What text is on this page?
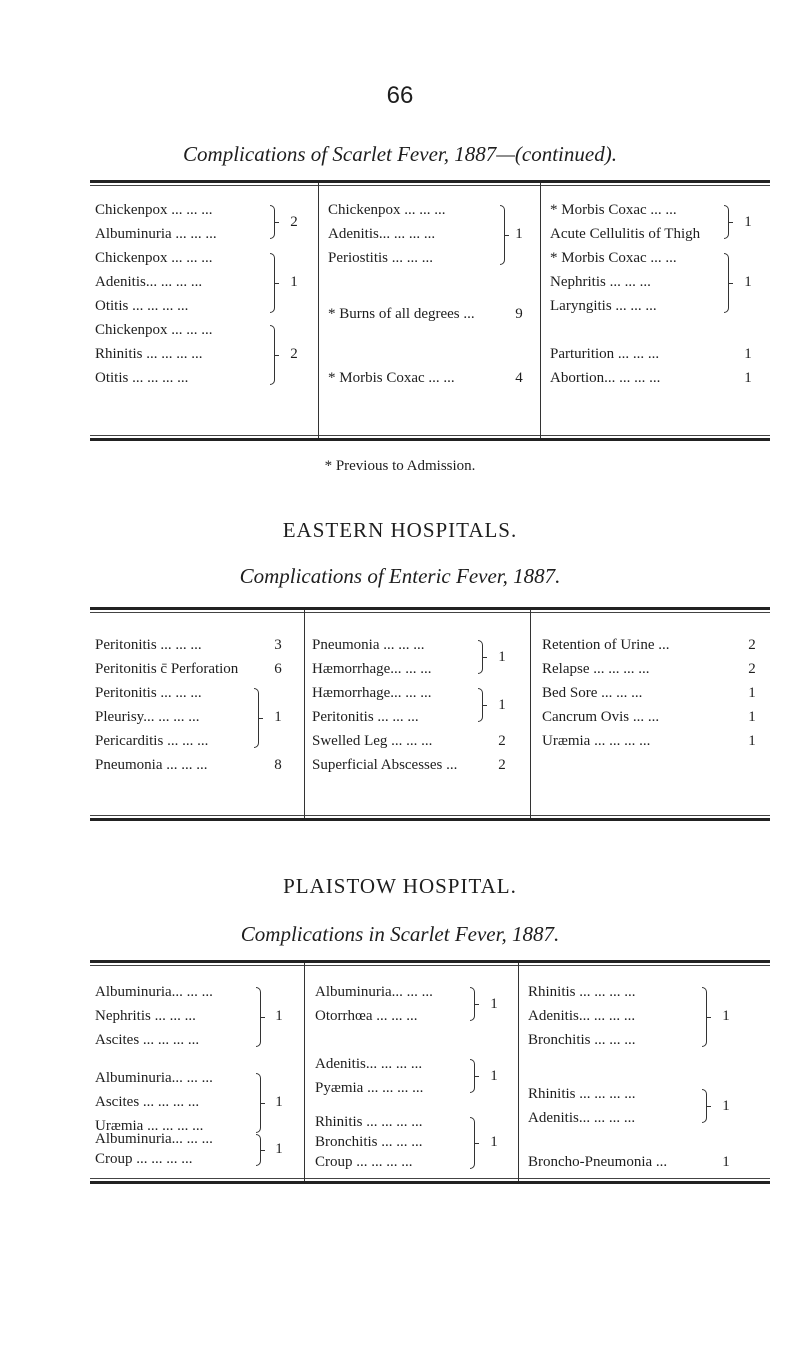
66
Complications of Scarlet Fever, 1887—(continued).
Chickenpox ... ... ...
Albuminuria ... ... ...
2
Chickenpox ... ... ...
Adenitis... ... ... ...
Otitis ... ... ... ...
1
Chickenpox ... ... ...
Rhinitis ... ... ... ...
Otitis ... ... ... ...
2
Chickenpox ... ... ...
Adenitis... ... ... ...
Periostitis ... ... ...
1
* Burns of all degrees ...	9
* Morbis Coxac ... ...	4
* Morbis Coxac ... ...
Acute Cellulitis of Thigh
1
* Morbis Coxac ... ...
Nephritis ... ... ...
Laryngitis ... ... ...
1
Parturition ... ... ...	1
Abortion... ... ... ...	1
* Previous to Admission.
EASTERN HOSPITALS.
Complications of Enteric Fever, 1887.
Peritonitis ... ... ...	3
Peritonitis c̄ Perforation 6
Peritonitis ... ... ...
Pleurisy... ... ... ...
Pericarditis ... ... ...
1
Pneumonia ... ... ...	8
Pneumonia ... ... ...
Hæmorrhage... ... ...
1
Hæmorrhage... ... ...
Peritonitis ... ... ...
1
Swelled Leg ... ... ...	2
Superficial Abscesses ...	2
Retention of Urine ...	2
Relapse ... ... ... ...	2
Bed Sore ... ... ...	1
Cancrum Ovis ... ...	1
Uræmia ... ... ... ...	1
PLAISTOW HOSPITAL.
Complications in Scarlet Fever, 1887.
Albuminuria... ... ...
Nephritis ... ... ...
Ascites ... ... ... ...
1
Albuminuria... ... ...
Ascites ... ... ... ...
Uræmia ... ... ... ...
1
Albuminuria... ... ...
Otorrhœa ... ... ...
1
Adenitis... ... ... ...
Pyæmia ... ... ... ...
1
Rhinitis ... ... ... ...
Bronchitis ... ... ...
Croup ... ... ... ...
1
Rhinitis ... ... ... ...
Adenitis... ... ... ...
Bronchitis ... ... ...
1
Rhinitis ... ... ... ...
Adenitis... ... ... ...
1
Broncho-Pneumonia ...	1
Albuminuria... ... ...
Croup ... ... ... ...
1
